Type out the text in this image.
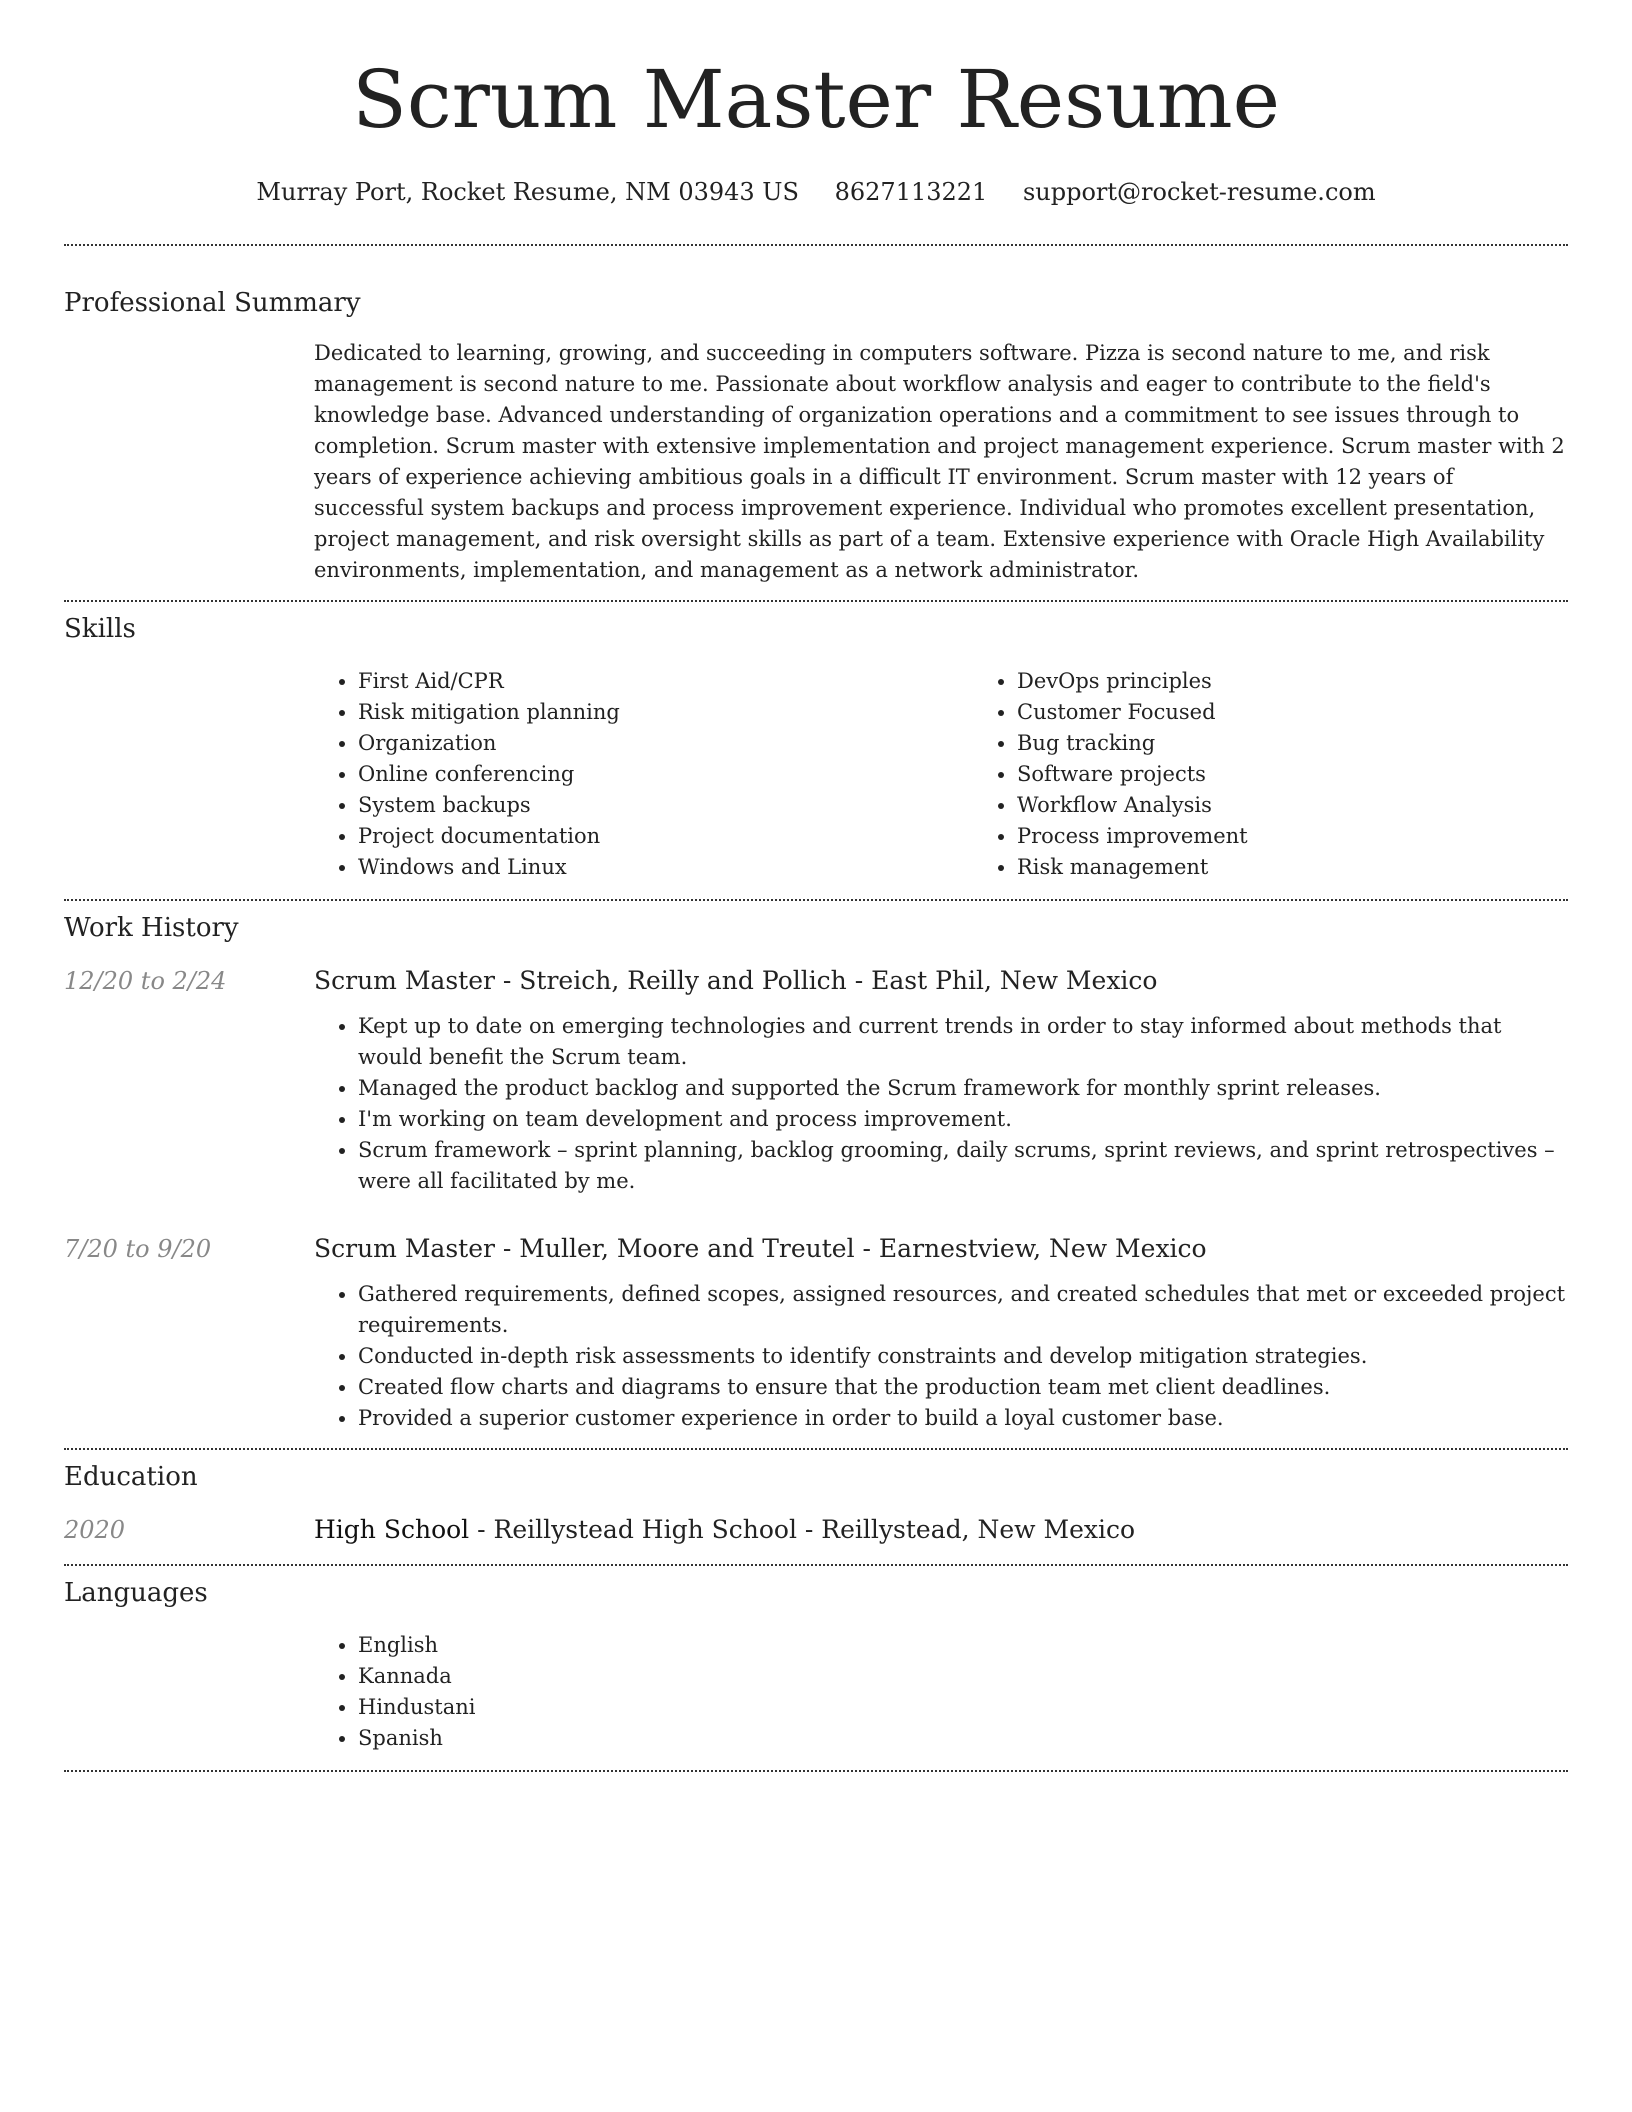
Scrum Master Resume
Murray Port, Rocket Resume, NM 03943 US 8627113221 support@rocket-resume.com
Professional Summary

Dedicated to learning, growing, and succeeding in computers software. Pizza is second nature to me, and risk management is second nature to me. Passionate about workflow analysis and eager to contribute to the field's knowledge base. Advanced understanding of organization operations and a commitment to see issues through to completion. Scrum master with extensive implementation and project management experience. Scrum master with 2 years of experience achieving ambitious goals in a difficult IT environment. Scrum master with 12 years of successful system backups and process improvement experience. Individual who promotes excellent presentation, project management, and risk oversight skills as part of a team. Extensive experience with Oracle High Availability environments, implementation, and management as a network administrator.

Skills
• First Aid/CPR
• Risk mitigation planning
• Organization
• Online conferencing
• System backups
• Project documentation
• Windows and Linux
• DevOps principles
• Customer Focused
• Bug tracking
• Software projects
• Workflow Analysis
• Process improvement
• Risk management
Work History
12/20 to 2/24	Scrum Master - Streich, Reilly and Pollich - East Phil, New Mexico
• Kept up to date on emerging technologies and current trends in order to stay informed about methods that would benefit the Scrum team.
• Managed the product backlog and supported the Scrum framework for monthly sprint releases.
• I'm working on team development and process improvement.
• Scrum framework – sprint planning, backlog grooming, daily scrums, sprint reviews, and sprint retrospectives – were all facilitated by me.
7/20 to 9/20	Scrum Master - Muller, Moore and Treutel - Earnestview, New Mexico
• Gathered requirements, defined scopes, assigned resources, and created schedules that met or exceeded project requirements.
• Conducted in-depth risk assessments to identify constraints and develop mitigation strategies.
• Created flow charts and diagrams to ensure that the production team met client deadlines.
• Provided a superior customer experience in order to build a loyal customer base.
Education
2020	High School - Reillystead High School - Reillystead, New Mexico
Languages
• English
• Kannada
• Hindustani
• Spanish
